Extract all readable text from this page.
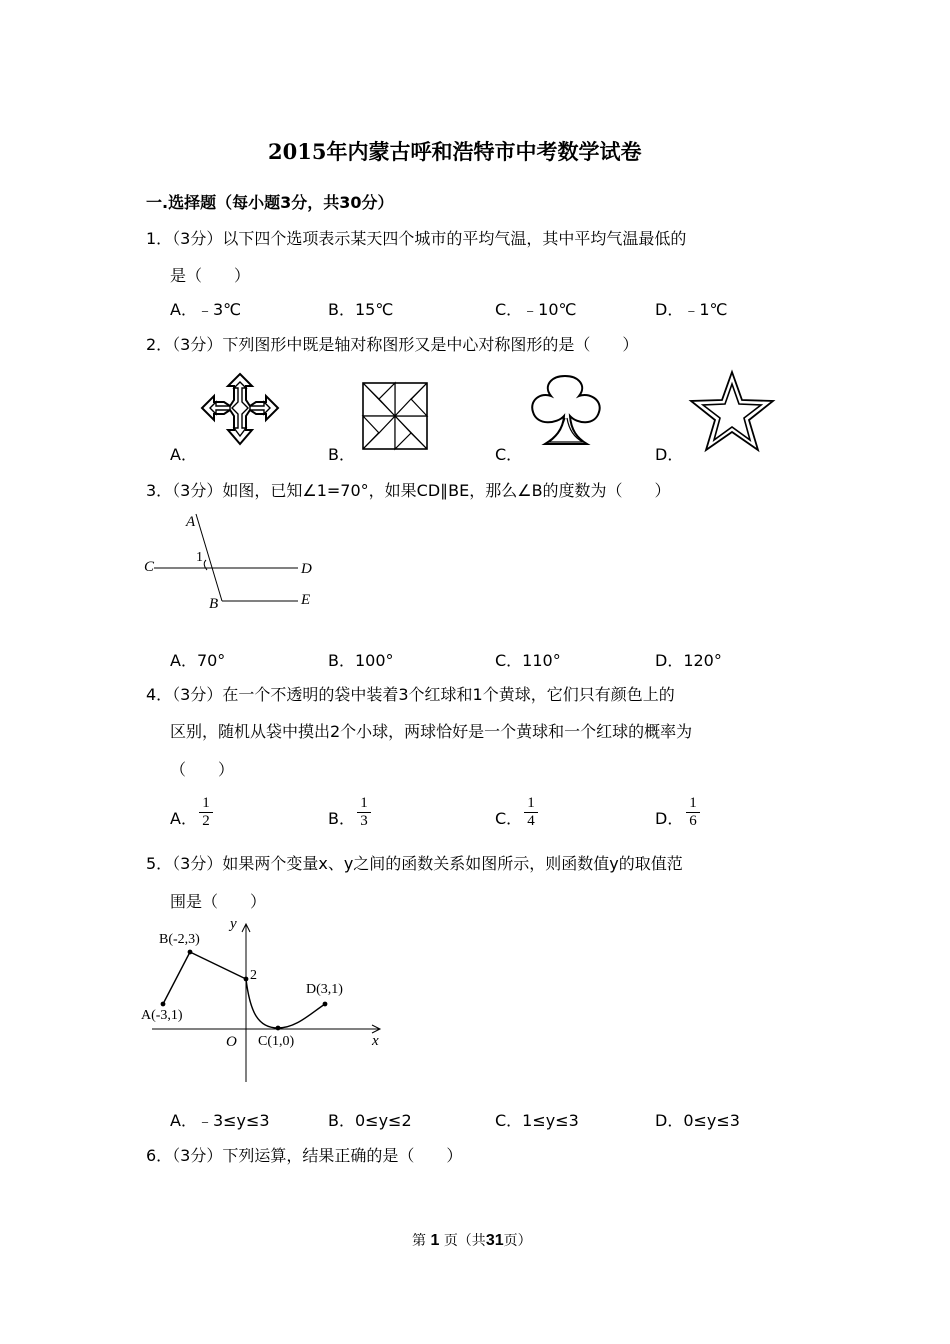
2015年内蒙古呼和浩特市中考数学试卷
一.选择题（每小题3分，共30分）
1．（3分）以下四个选项表示某天四个城市的平均气温，其中平均气温最低的
是（　　）
A．﹣3℃	B．15℃	C．﹣10℃	D．﹣1℃
2．（3分）下列图形中既是轴对称图形又是中心对称图形的是（　　）
A．	B．	C．	D．
3．（3分）如图，已知∠1=70°，如果CD∥BE，那么∠B的度数为（　　）
A
1
C	D
B	E
A．70°	B．100°	C．110°	D．120°
4．（3分）在一个不透明的袋中装着3个红球和1个黄球，它们只有颜色上的
区别，随机从袋中摸出2个小球，两球恰好是一个黄球和一个红球的概率为
（　　）
A．
1
2	B．
1
3	C．
1
4	D．
1
6
5．（3分）如果两个变量x、y之间的函数关系如图所示，则函数值y的取值范
围是（　　）
y
x
O
2
B(-2,3)
A(-3,1)
D(3,1)
C(1,0)
A．﹣3≤y≤3	B．0≤y≤2	C．1≤y≤3	D．0≤y≤3
6．（3分）下列运算，结果正确的是（　　）
第 1 页（共31页）
